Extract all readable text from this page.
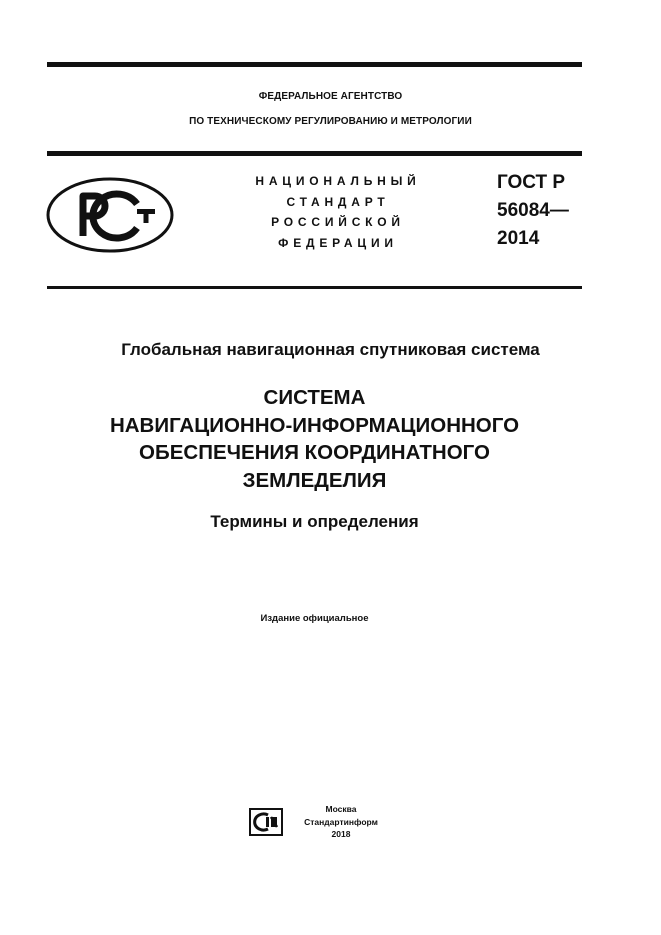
ФЕДЕРАЛЬНОЕ АГЕНТСТВО
ПО ТЕХНИЧЕСКОМУ РЕГУЛИРОВАНИЮ И МЕТРОЛОГИИ
НАЦИОНАЛЬНЫЙ
СТАНДАРТ
РОССИЙСКОЙ
ФЕДЕРАЦИИ
ГОСТ Р
56084—
2014
Глобальная навигационная спутниковая система
СИСТЕМА
НАВИГАЦИОННО-ИНФОРМАЦИОННОГО
ОБЕСПЕЧЕНИЯ КООРДИНАТНОГО
ЗЕМЛЕДЕЛИЯ
Термины и определения
Издание официальное
Москва
Стандартинформ
2018
